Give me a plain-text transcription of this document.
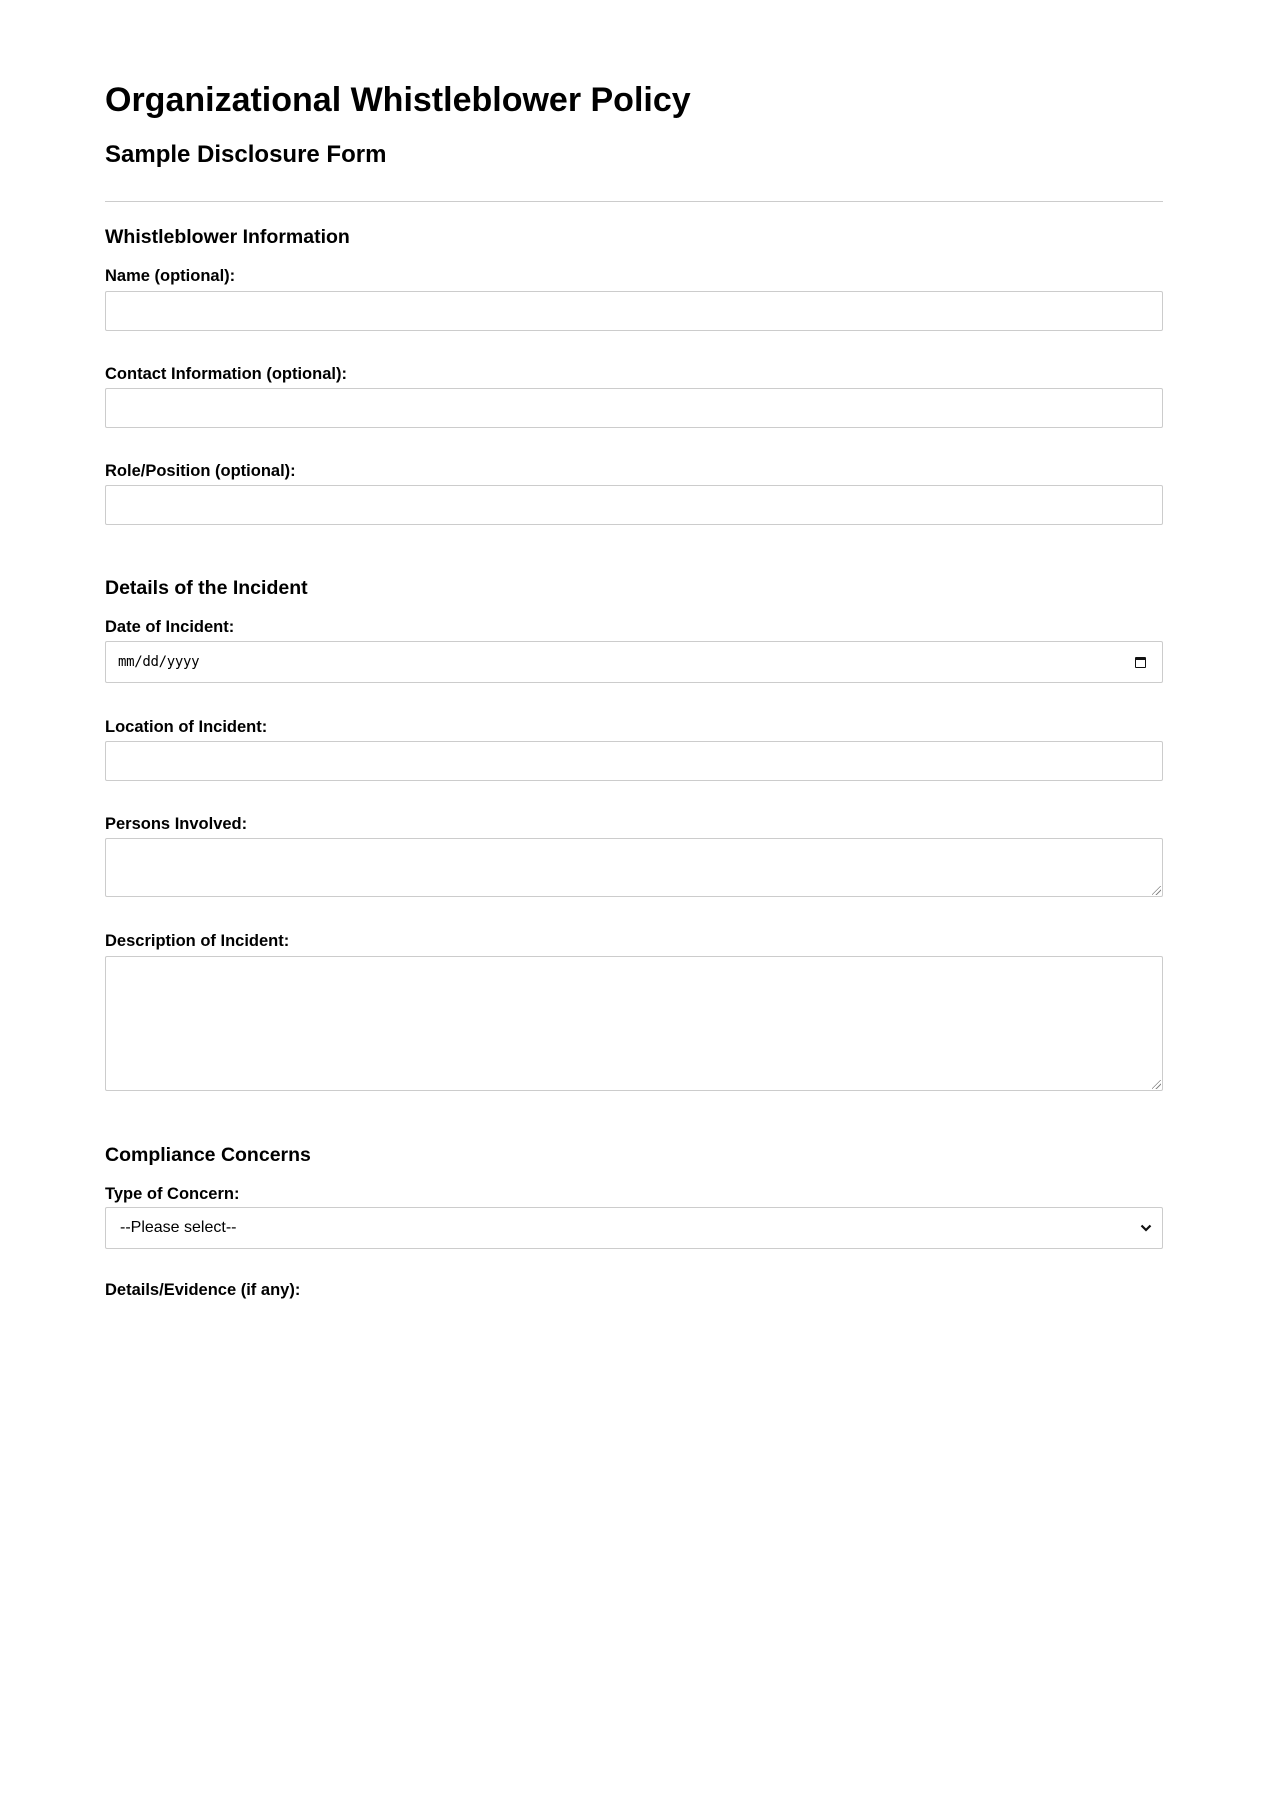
Organizational Whistleblower Policy
Sample Disclosure Form
Whistleblower Information
Name (optional):
Contact Information (optional):
Role/Position (optional):
Details of the Incident
Date of Incident:
mm/dd/yyyy
Location of Incident:
Persons Involved:
Description of Incident:
Compliance Concerns
Type of Concern:
--Please select--
Details/Evidence (if any):
